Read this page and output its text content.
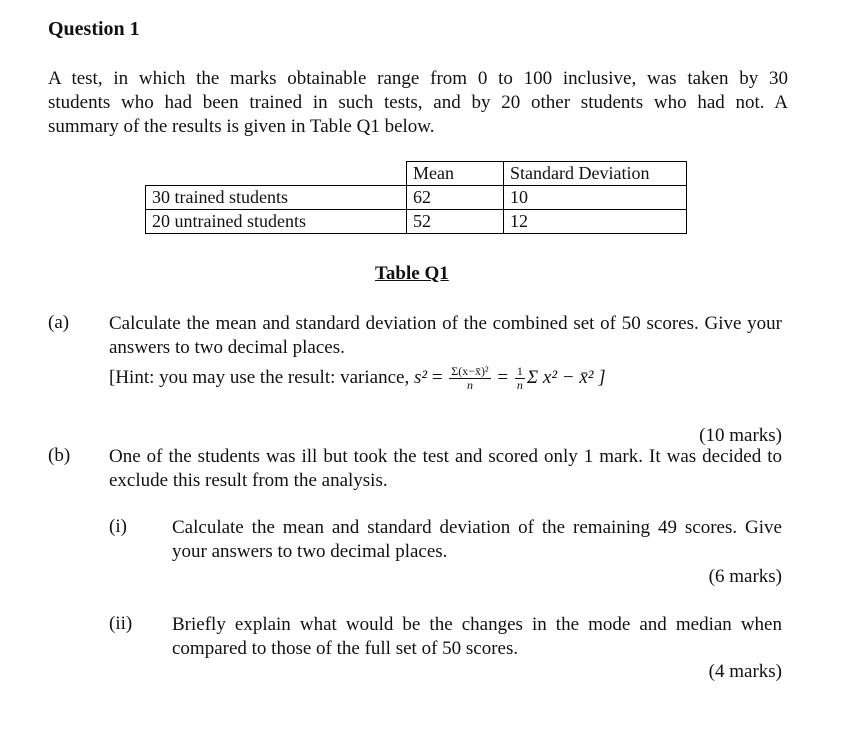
Question 1
A test, in which the marks obtainable range from 0 to 100 inclusive, was taken by 30
students who had been trained in such tests, and by 20 other students who had not. A
summary of the results is given in Table Q1 below.
	Mean	Standard Deviation
30 trained students	62	10
20 untrained students	52	12
Table Q1
(a) Calculate the mean and standard deviation of the combined set of 50 scores. Give your answers to two decimal places.
[Hint: you may use the result: variance, $s^2 = \frac{\text{Σ(x−x̄)²}}{n} = \frac{1}{n}$ Σ x² − x̄² ]
(10 marks)
(b) One of the students was ill but took the test and scored only 1 mark. It was decided to exclude this result from the analysis.
(i) Calculate the mean and standard deviation of the remaining 49 scores. Give your answers to two decimal places.
(6 marks)
(ii) Briefly explain what would be the changes in the mode and median when compared to those of the full set of 50 scores.
(4 marks)
